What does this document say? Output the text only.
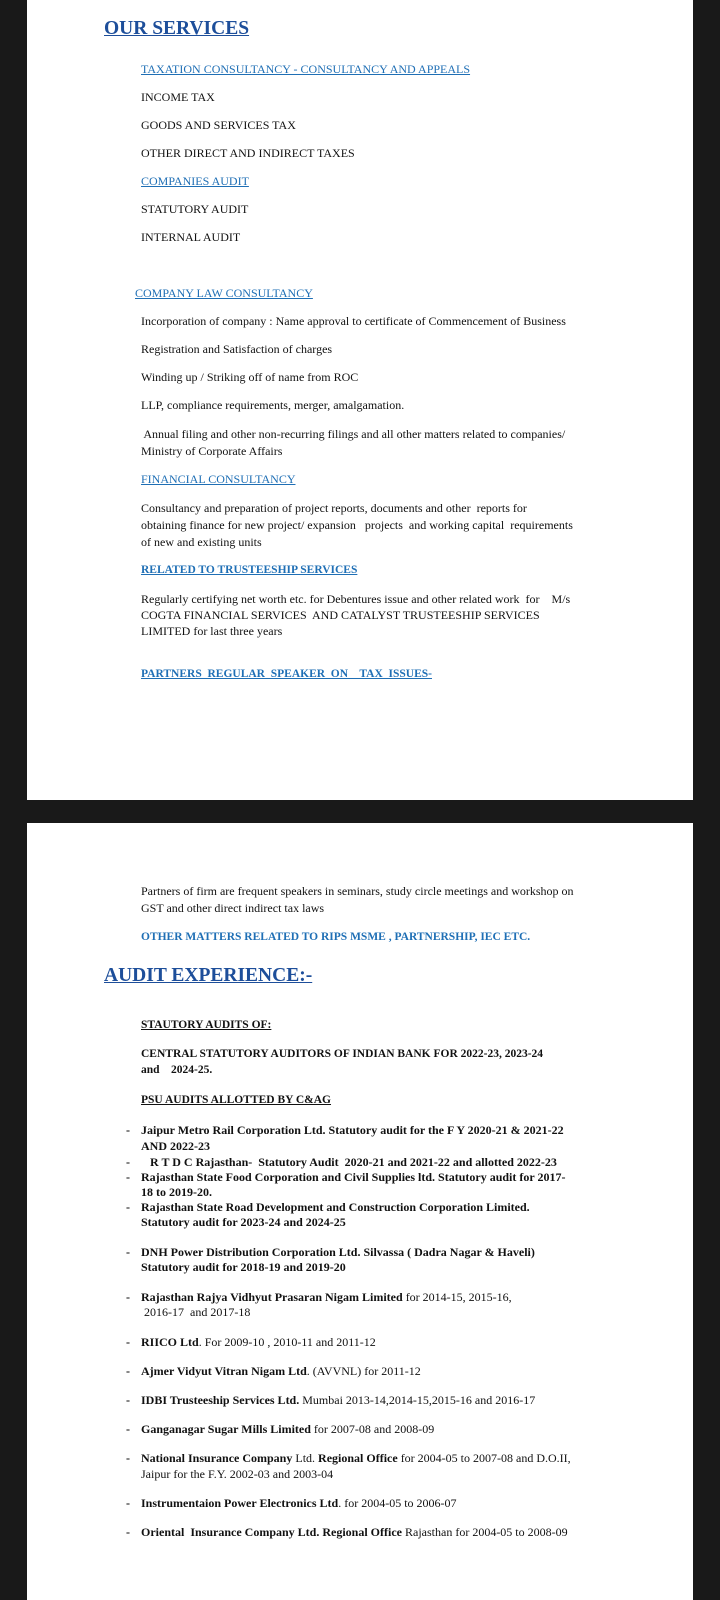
OUR SERVICES
TAXATION CONSULTANCY - CONSULTANCY AND APPEALS
INCOME TAX
GOODS AND SERVICES TAX
OTHER DIRECT AND INDIRECT TAXES
COMPANIES AUDIT
STATUTORY AUDIT
INTERNAL AUDIT
COMPANY LAW CONSULTANCY
Incorporation of company : Name approval to certificate of Commencement of Business
Registration and Satisfaction of charges
Winding up / Striking off of name from ROC
LLP, compliance requirements, merger, amalgamation.
Annual filing and other non-recurring filings and all other matters related to companies/
Ministry of Corporate Affairs
FINANCIAL CONSULTANCY
Consultancy and preparation of project reports, documents and other  reports for
obtaining finance for new project/ expansion   projects  and working capital  requirements
of new and existing units
RELATED TO TRUSTEESHIP SERVICES
Regularly certifying net worth etc. for Debentures issue and other related work  for    M/s
COGTA FINANCIAL SERVICES  AND CATALYST TRUSTEESHIP SERVICES
LIMITED for last three years
PARTNERS  REGULAR  SPEAKER  ON    TAX  ISSUES-
Partners of firm are frequent speakers in seminars, study circle meetings and workshop on
GST and other direct indirect tax laws
OTHER MATTERS RELATED TO RIPS MSME , PARTNERSHIP, IEC ETC.
AUDIT EXPERIENCE:-
STAUTORY AUDITS OF:
CENTRAL STATUTORY AUDITORS OF INDIAN BANK FOR 2022-23, 2023-24
and    2024-25.
PSU AUDITS ALLOTTED BY C&AG
- Jaipur Metro Rail Corporation Ltd. Statutory audit for the F Y 2020-21 & 2021-22
AND 2022-23
- R T D C Rajasthan-  Statutory Audit  2020-21 and 2021-22 and allotted 2022-23
- Rajasthan State Food Corporation and Civil Supplies ltd. Statutory audit for 2017-
18 to 2019-20.
- Rajasthan State Road Development and Construction Corporation Limited.
Statutory audit for 2023-24 and 2024-25
- DNH Power Distribution Corporation Ltd. Silvassa ( Dadra Nagar & Haveli)
Statutory audit for 2018-19 and 2019-20
- Rajasthan Rajya Vidhyut Prasaran Nigam Limited for 2014-15, 2015-16,
2016-17  and 2017-18
- RIICO Ltd. For 2009-10 , 2010-11 and 2011-12
- Ajmer Vidyut Vitran Nigam Ltd. (AVVNL) for 2011-12
- IDBI Trusteeship Services Ltd. Mumbai 2013-14,2014-15,2015-16 and 2016-17
- Ganganagar Sugar Mills Limited for 2007-08 and 2008-09
- National Insurance Company Ltd. Regional Office for 2004-05 to 2007-08 and D.O.II,
Jaipur for the F.Y. 2002-03 and 2003-04
- Instrumentaion Power Electronics Ltd. for 2004-05 to 2006-07
- Oriental  Insurance Company Ltd. Regional Office Rajasthan for 2004-05 to 2008-09
